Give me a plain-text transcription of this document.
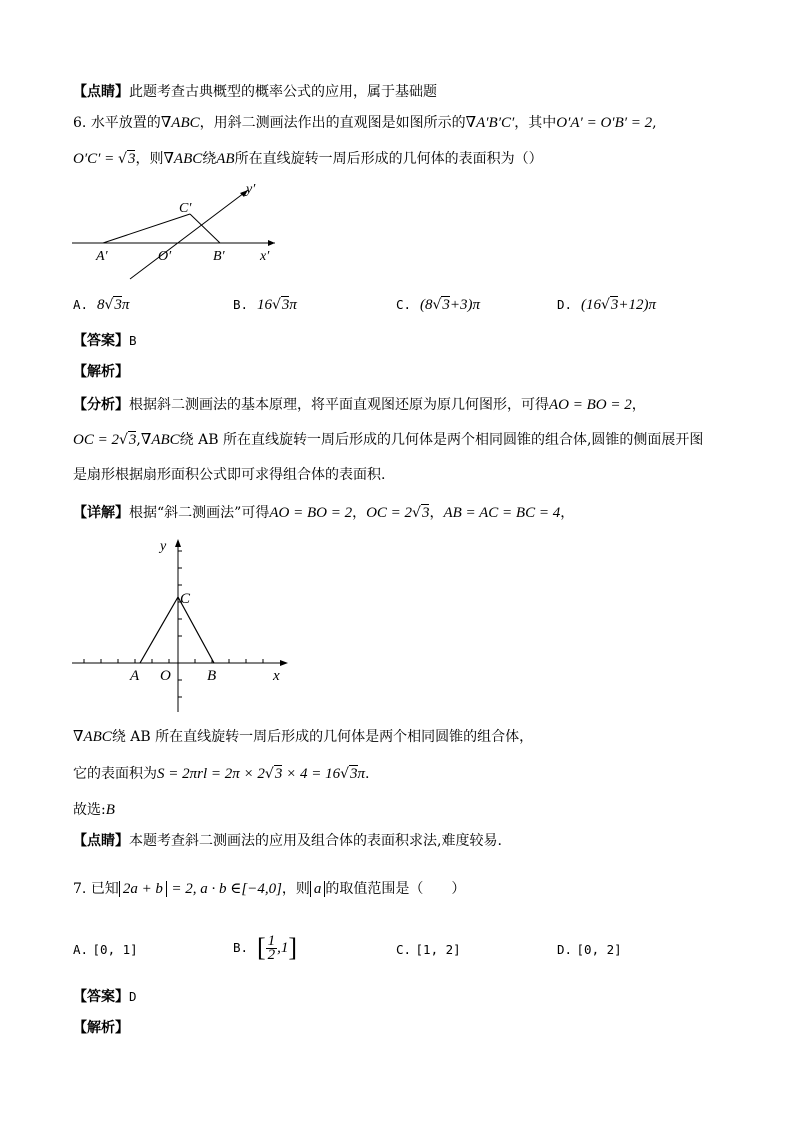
【点睛】此题考查古典概型的概率公式的应用，属于基础题
6. 水平放置的∇ABC，用斜二测画法作出的直观图是如图所示的∇A′B′C′，其中O′A′ = O′B′ = 2,
O′C′ = √3，则∇ABC绕AB所在直线旋转一周后形成的几何体的表面积为（）
C′
A′	O′	B′	x′
y′
A. 8√3π	B. 16√3π	C. (8√3+3)π	D. (16√3+12)π
【答案】B
【解析】
【分析】根据斜二测画法的基本原理，将平面直观图还原为原几何图形，可得AO = BO = 2，
OC = 2√3,∇ABC绕 AB 所在直线旋转一周后形成的几何体是两个相同圆锥的组合体,圆锥的侧面展开图
是扇形根据扇形面积公式即可求得组合体的表面积.
【详解】根据“斜二测画法”可得AO = BO = 2，OC = 2√3，AB = AC = BC = 4，
y
C
A O B	x
∇ABC绕 AB 所在直线旋转一周后形成的几何体是两个相同圆锥的组合体，
它的表面积为S = 2πrl = 2π × 2√3 × 4 = 16√3π.
故选:B
【点睛】本题考查斜二测画法的应用及组合体的表面积求法,难度较易.
7. 已知 2a + b = 2, a · b ∈[−4,0]，则 a 的取值范围是（　　）
A. [0, 1]	B. [ $\frac{1}{2} ,1$]	C. [1, 2]	D. [0, 2]
【答案】D
【解析】
